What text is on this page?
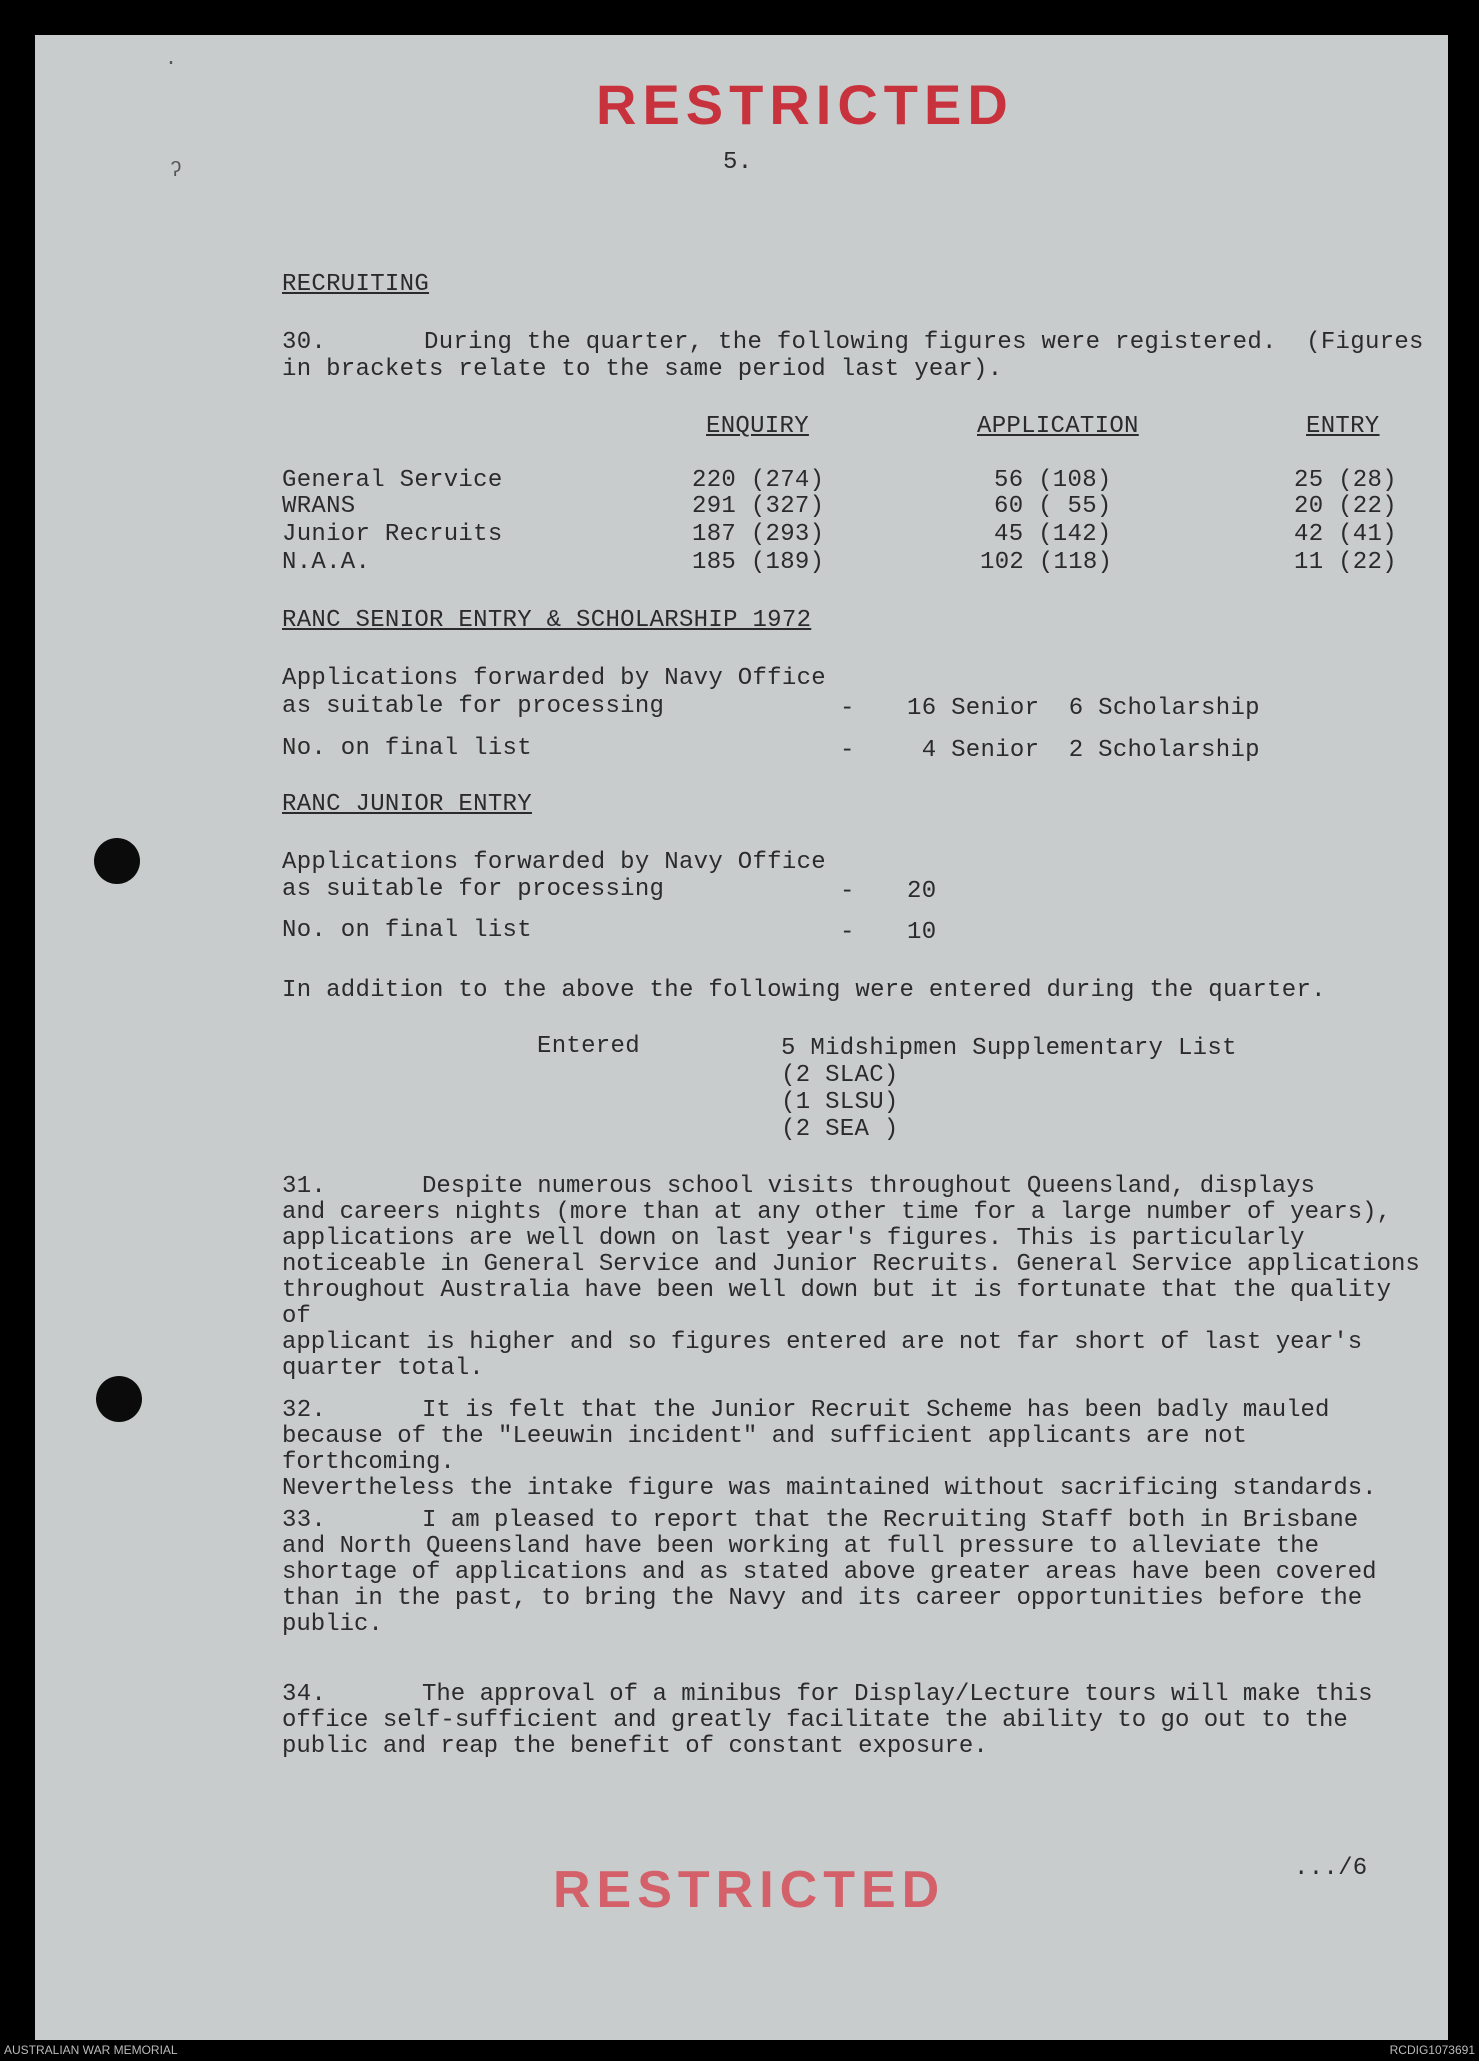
·
ʔ
RESTRICTED
5.
RECRUITING
30.	During the quarter, the following figures were registered.  (Figures
in brackets relate to the same period last year).
ENQUIRY	APPLICATION	ENTRY
General Service	220 (274)	56 (108)	25 (28)
WRANS	291 (327)	60 ( 55)	20 (22)
Junior Recruits	187 (293)	45 (142)	42 (41)
N.A.A.	185 (189)	102 (118)	11 (22)
RANC SENIOR ENTRY & SCHOLARSHIP 1972
Applications forwarded by Navy Office
as suitable for processing	- 16 Senior  6 Scholarship
No. on final list	- 4 Senior  2 Scholarship
RANC JUNIOR ENTRY
Applications forwarded by Navy Office
as suitable for processing	- 20
No. on final list	- 10
In addition to the above the following were entered during the quarter.
Entered	5 Midshipmen Supplementary List
(2 SLAC)
(1 SLSU)
(2 SEA )
31.	Despite numerous school visits throughout Queensland, displays
and careers nights (more than at any other time for a large number of years),
applications are well down on last year's figures. This is particularly
noticeable in General Service and Junior Recruits. General Service applications
throughout Australia have been well down but it is fortunate that the quality of
applicant is higher and so figures entered are not far short of last year's
quarter total.
32.	It is felt that the Junior Recruit Scheme has been badly mauled
because of the "Leeuwin incident" and sufficient applicants are not forthcoming.
Nevertheless the intake figure was maintained without sacrificing standards.
33.	I am pleased to report that the Recruiting Staff both in Brisbane
and North Queensland have been working at full pressure to alleviate the
shortage of applications and as stated above greater areas have been covered
than in the past, to bring the Navy and its career opportunities before the
public.
34.	The approval of a minibus for Display/Lecture tours will make this
office self-sufficient and greatly facilitate the ability to go out to the
public and reap the benefit of constant exposure.
.../6
RESTRICTED
AUSTRALIAN WAR MEMORIAL	RCDIG1073691
